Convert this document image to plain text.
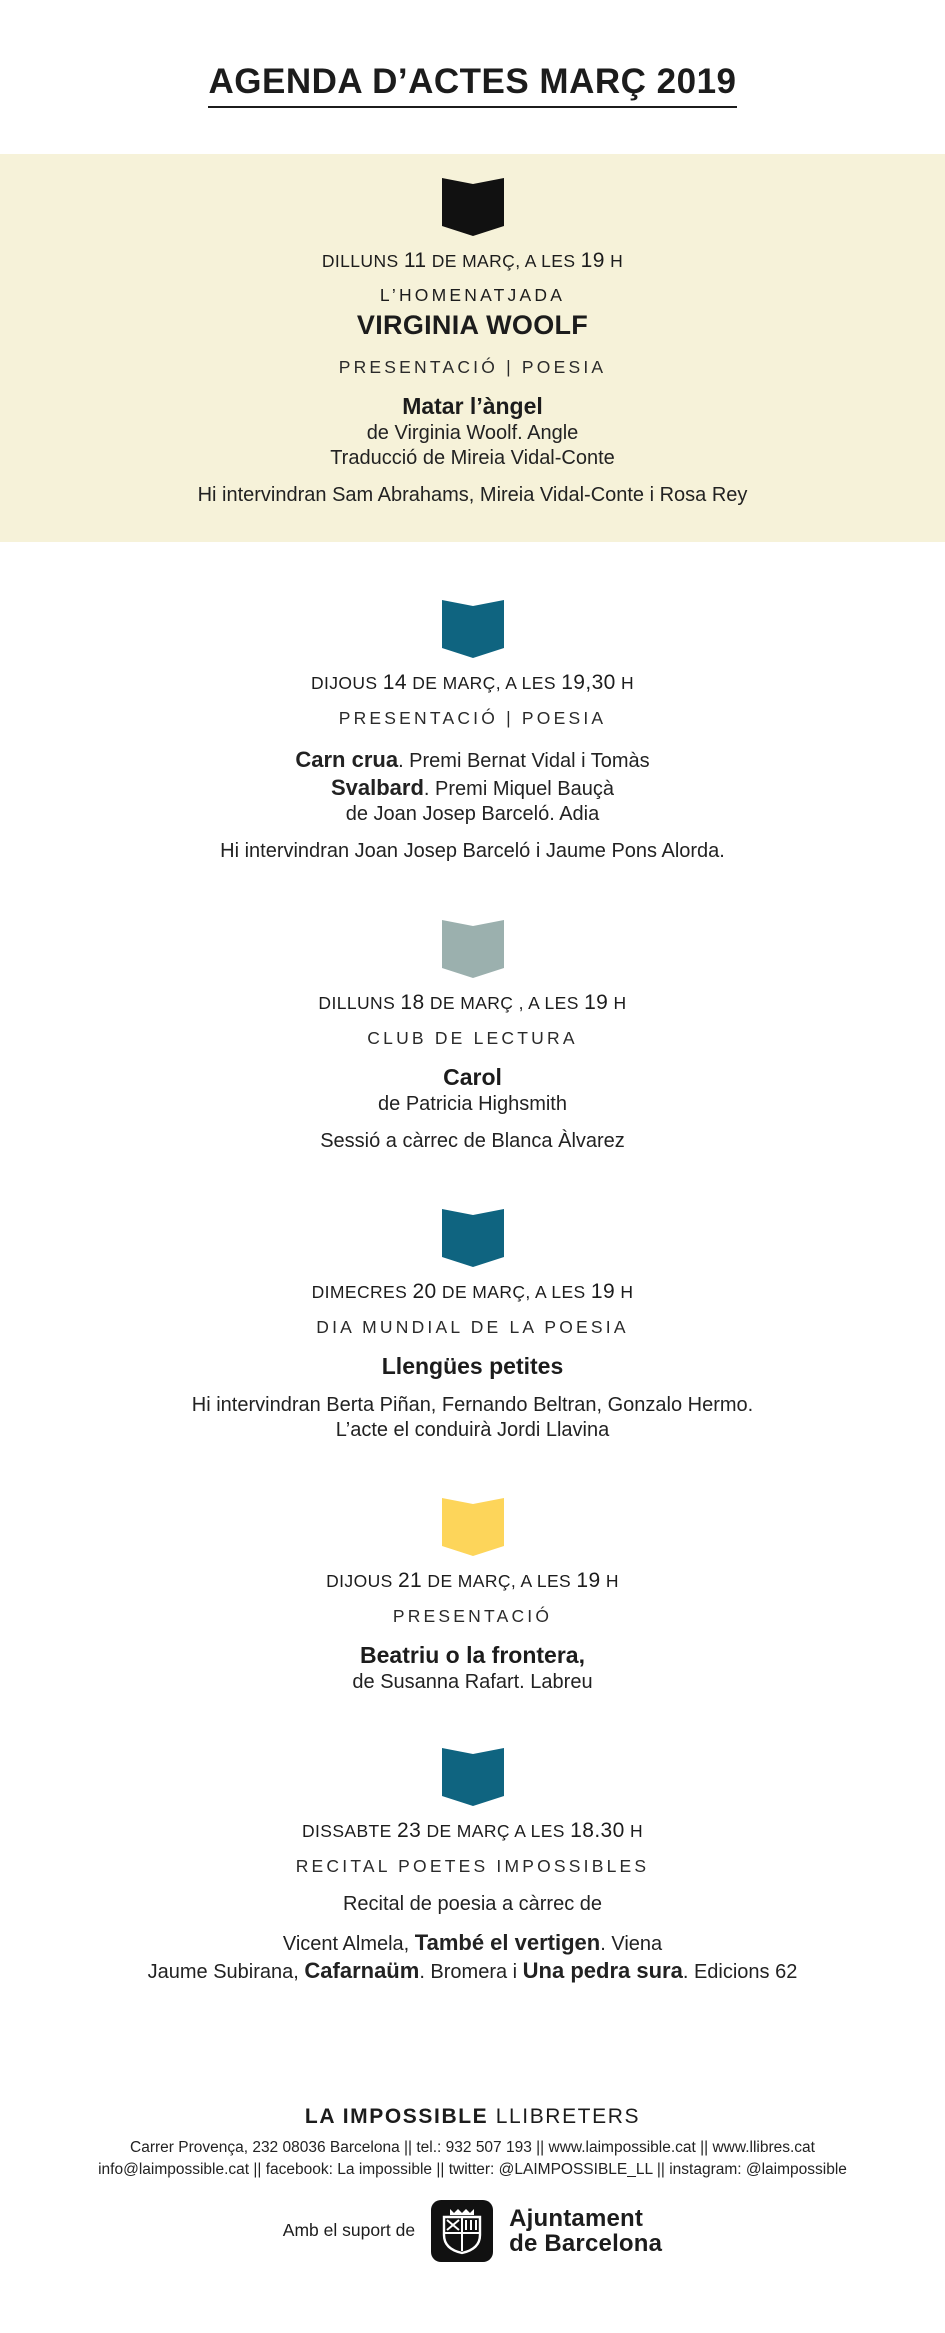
AGENDA D’ACTES MARÇ 2019
DILLUNS 11 DE MARÇ, A LES 19 H
L’HOMENATJADA
VIRGINIA WOOLF
PRESENTACIÓ | POESIA
Matar l’àngel
de Virginia Woolf. Angle
Traducció de Mireia Vidal-Conte
Hi intervindran Sam Abrahams, Mireia Vidal-Conte i Rosa Rey
DIJOUS 14 DE MARÇ, A LES 19,30 H
PRESENTACIÓ | POESIA
Carn crua. Premi Bernat Vidal i Tomàs
Svalbard. Premi Miquel Bauçà
de Joan Josep Barceló. Adia
Hi intervindran Joan Josep Barceló i Jaume Pons Alorda.
DILLUNS 18 DE MARÇ , A LES 19 H
CLUB DE LECTURA
Carol
de Patricia Highsmith
Sessió a càrrec de Blanca Àlvarez
DIMECRES 20 DE MARÇ, A LES 19 H
DIA MUNDIAL DE LA POESIA
Llengües petites
Hi intervindran Berta Piñan, Fernando Beltran, Gonzalo Hermo.
L’acte el conduirà Jordi Llavina
DIJOUS 21 DE MARÇ, A LES 19 H
PRESENTACIÓ
Beatriu o la frontera,
de Susanna Rafart. Labreu
DISSABTE 23 DE MARÇ A LES 18.30 H
RECITAL POETES IMPOSSIBLES
Recital de poesia a càrrec de
Vicent Almela, També el vertigen. Viena
Jaume Subirana, Cafarnaüm. Bromera i Una pedra sura. Edicions 62
LA IMPOSSIBLE LLIBRETERS
Carrer Provença, 232 08036 Barcelona || tel.: 932 507 193 || www.laimpossible.cat || www.llibres.cat
info@laimpossible.cat || facebook: La impossible || twitter: @LAIMPOSSIBLE_LL || instagram: @laimpossible
Amb el suport de	Ajuntament
de Barcelona
